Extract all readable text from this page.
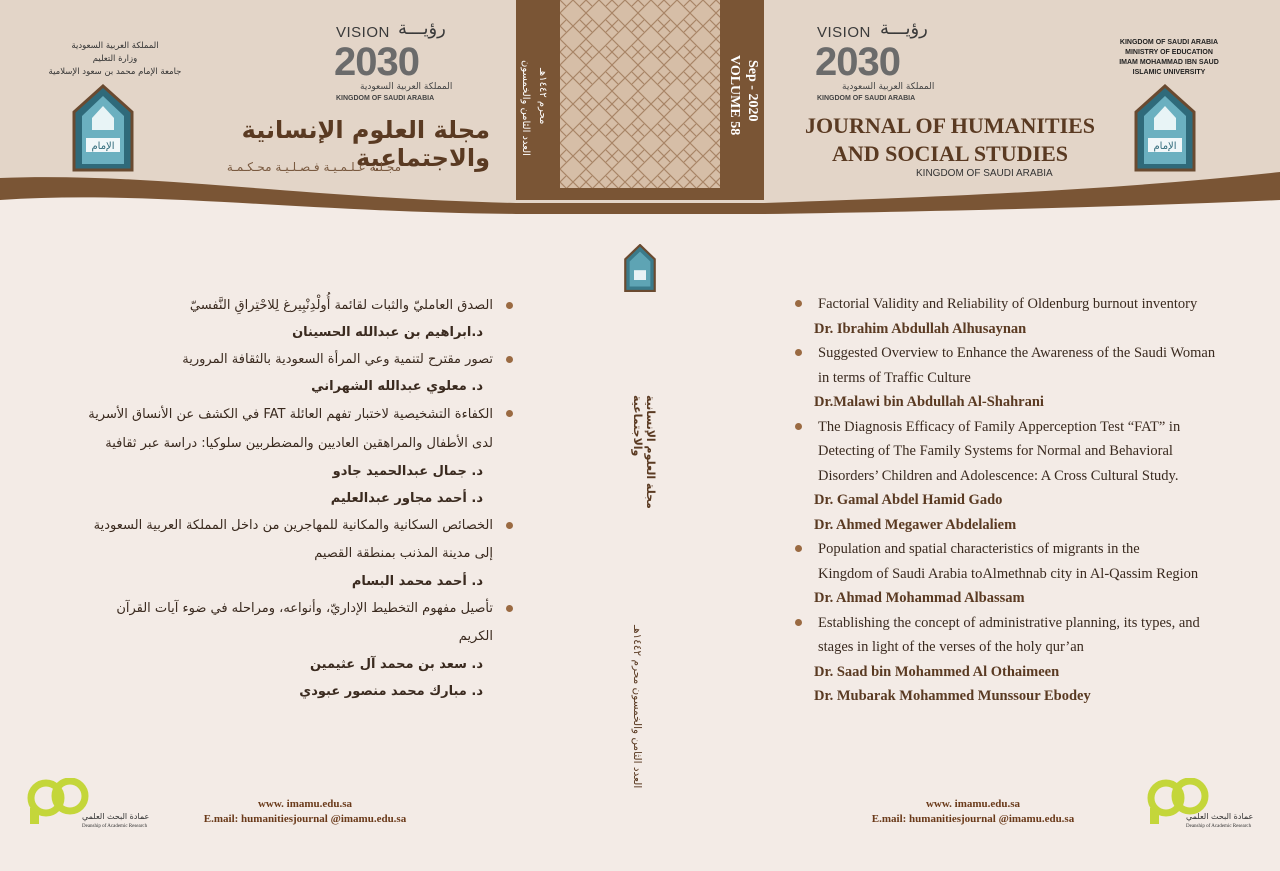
العدد الثامن والخمسون محرم ١٤٤٢هـ	VOLUME 58 Sep - 2020
مجلة العلوم الإنسانية والاجتماعية
العدد الثامن والخمسون محرم ١٤٤٢هـ
المملكة العربية السعودية
وزارة التعليم
جامعة الإمام محمد بن سعود الإسلامية
ﺍﻹﻣﺎﻡ
VISION رؤيـــة
2030
المملكة العربية السعودية
KINGDOM OF SAUDI ARABIA
مجلة العلوم الإنسانية والاجتماعية
مجـلـة عـلـمـيـة فـصـلـيـة محـكـمـة
VISION رؤيـــة
2030
المملكة العربية السعودية
KINGDOM OF SAUDI ARABIA
KINGDOM OF SAUDI ARABIA
MINISTRY OF EDUCATION
IMAM MOHAMMAD IBN SAUD
ISLAMIC UNIVERSITY
ﺍﻹﻣﺎﻡ
JOURNAL OF HUMANITIES
AND SOCIAL STUDIES
KINGDOM OF SAUDI ARABIA
Factorial Validity and Reliability of Oldenburg burnout inventory
Dr. Ibrahim Abdullah Alhusaynan
Suggested Overview to Enhance the Awareness of the Saudi Woman
in terms of Traffic Culture
Dr.Malawi bin Abdullah Al-Shahrani
The Diagnosis Efficacy of Family Apperception Test “FAT” in
Detecting of The Family Systems for Normal and Behavioral
Disorders’ Children and Adolescence: A Cross Cultural Study.
Dr. Gamal Abdel Hamid Gado
Dr. Ahmed Megawer Abdelaliem
Population and spatial characteristics of migrants in the
Kingdom of Saudi Arabia toAlmethnab city in Al-Qassim Region
Dr. Ahmad Mohammad Albassam
Establishing the concept of administrative planning, its types, and
stages in light of the verses of the holy qur’an
Dr. Saad bin Mohammed Al Othaimeen
Dr. Mubarak Mohammed Munssour Ebodey
الصدق العامليّ والثبات لقائمة أُولْدِنْبِيرغ لِلاحْتِراقِ النَّفسيّ
د.ابراهيم بن عبدالله الحسينان
تصور مقترح لتنمية وعي المرأة السعودية بالثقافة المرورية
د. معلوي عبدالله الشهراني
الكفاءة التشخيصية لاختبار تفهم العائلة FAT في الكشف عن الأنساق الأسرية لدى الأطفال والمراهقين العاديين والمضطربين سلوكيا: دراسة عبر ثقافية
د. جمال عبدالحميد جادو
د. أحمد مجاور عبدالعليم
الخصائص السكانية والمكانية للمهاجرين من داخل المملكة العربية السعودية إلى مدينة المذنب بمنطقة القصيم
د. أحمد محمد البسام
تأصيل مفهوم التخطيط الإداريّ، وأنواعه، ومراحله في ضوء آيات القرآن الكريم
د. سعد بن محمد آل عثيمين
د. مبارك محمد منصور عبودي
عمادة البحث العلمي
Deanship of Academic Research
www. imamu.edu.sa
E.mail: humanitiesjournal @imamu.edu.sa
www. imamu.edu.sa
E.mail: humanitiesjournal @imamu.edu.sa	عمادة البحث العلمي
Deanship of Academic Research
